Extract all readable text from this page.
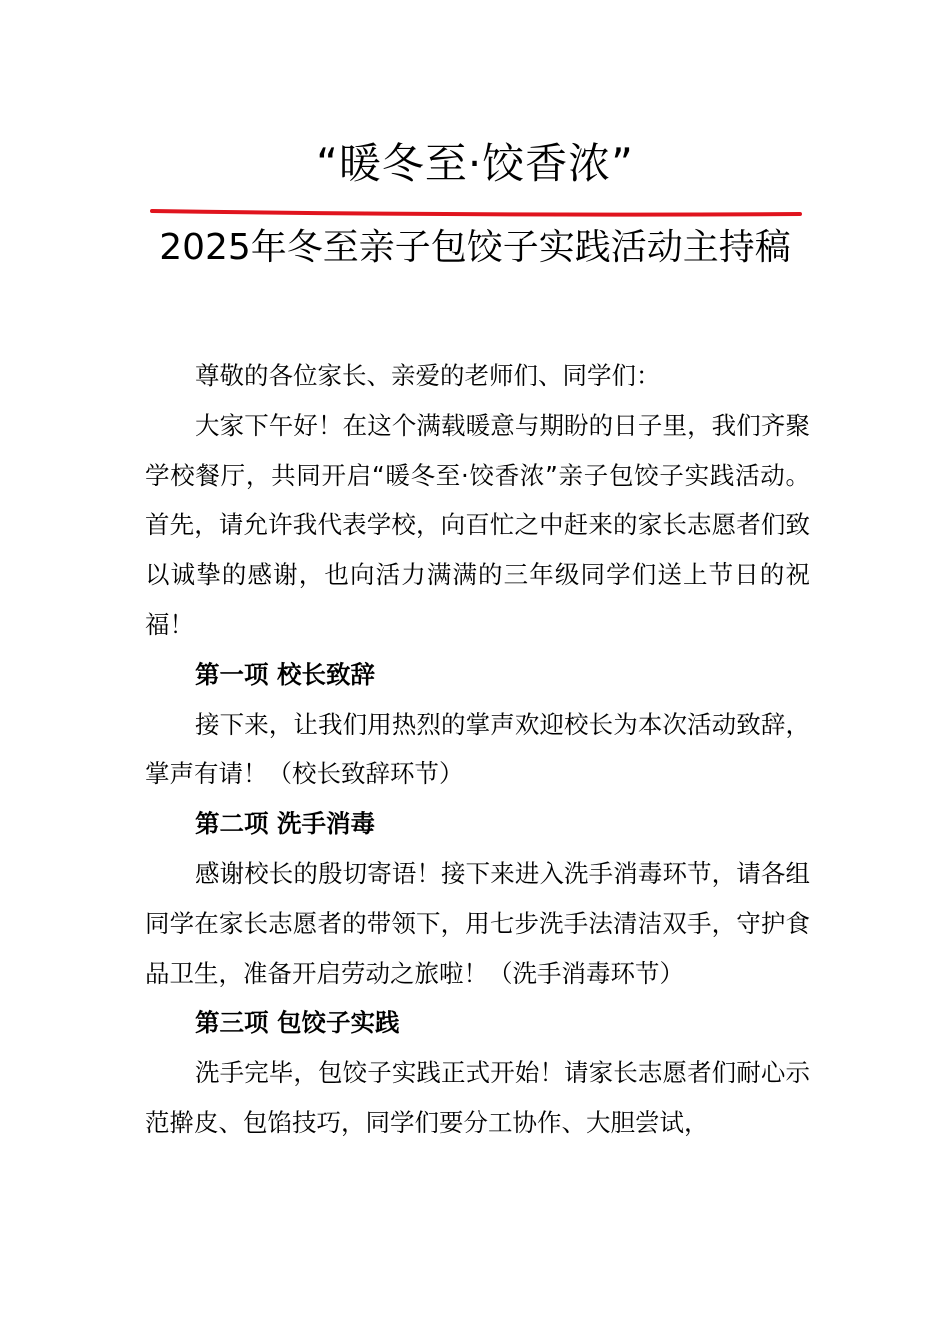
“暖冬至·饺香浓”
2025年冬至亲子包饺子实践活动主持稿

尊敬的各位家长、亲爱的老师们、同学们：

大家下午好！在这个满载暖意与期盼的日子里，我们齐聚学校餐厅，共同开启“暖冬至·饺香浓”亲子包饺子实践活动。首先，请允许我代表学校，向百忙之中赶来的家长志愿者们致以诚挚的感谢，也向活力满满的三年级同学们送上节日的祝福！

第一项 校长致辞

接下来，让我们用热烈的掌声欢迎校长为本次活动致辞，掌声有请！（校长致辞环节）

第二项 洗手消毒

感谢校长的殷切寄语！接下来进入洗手消毒环节，请各组同学在家长志愿者的带领下，用七步洗手法清洁双手，守护食品卫生，准备开启劳动之旅啦！（洗手消毒环节）

第三项 包饺子实践

洗手完毕，包饺子实践正式开始！请家长志愿者们耐心示范擀皮、包馅技巧，同学们要分工协作、大胆尝试，
